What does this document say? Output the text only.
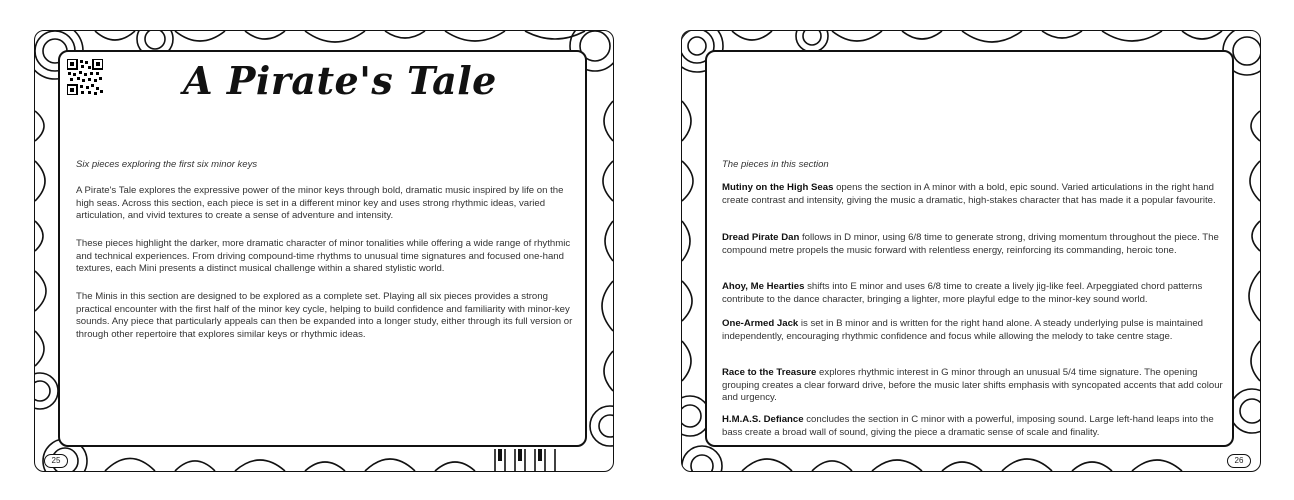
A Pirate's Tale
Six pieces exploring the first six minor keys

A Pirate's Tale explores the expressive power of the minor keys through bold, dramatic music inspired by life on the high seas. Across this section, each piece is set in a different minor key and uses strong rhythmic ideas, varied articulation, and vivid textures to create a sense of adventure and intensity.

These pieces highlight the darker, more dramatic character of minor tonalities while offering a wide range of rhythmic and technical experiences. From driving compound-time rhythms to unusual time signatures and focused one-hand textures, each Mini presents a distinct musical challenge within a shared stylistic world.

The Minis in this section are designed to be explored as a complete set. Playing all six pieces provides a strong practical encounter with the first half of the minor key cycle, helping to build confidence and familiarity with minor-key sounds. Any piece that particularly appeals can then be expanded into a longer study, either through its full version or through other repertoire that explores similar keys or rhythmic ideas.

25
The pieces in this section

Mutiny on the High Seas opens the section in A minor with a bold, epic sound. Varied articulations in the right hand create contrast and intensity, giving the music a dramatic, high-stakes character that has made it a popular favourite.

Dread Pirate Dan follows in D minor, using 6/8 time to generate strong, driving momentum throughout the piece. The compound metre propels the music forward with relentless energy, reinforcing its commanding, heroic tone.

Ahoy, Me Hearties shifts into E minor and uses 6/8 time to create a lively jig-like feel. Arpeggiated chord patterns contribute to the dance character, bringing a lighter, more playful edge to the minor-key sound world.

One-Armed Jack is set in B minor and is written for the right hand alone. A steady underlying pulse is maintained independently, encouraging rhythmic confidence and focus while allowing the melody to take centre stage.

Race to the Treasure explores rhythmic interest in G minor through an unusual 5/4 time signature. The opening grouping creates a clear forward drive, before the music later shifts emphasis with syncopated accents that add colour and urgency.

H.M.A.S. Defiance concludes the section in C minor with a powerful, imposing sound. Large left-hand leaps into the bass create a broad wall of sound, giving the piece a dramatic sense of scale and finality.

26
